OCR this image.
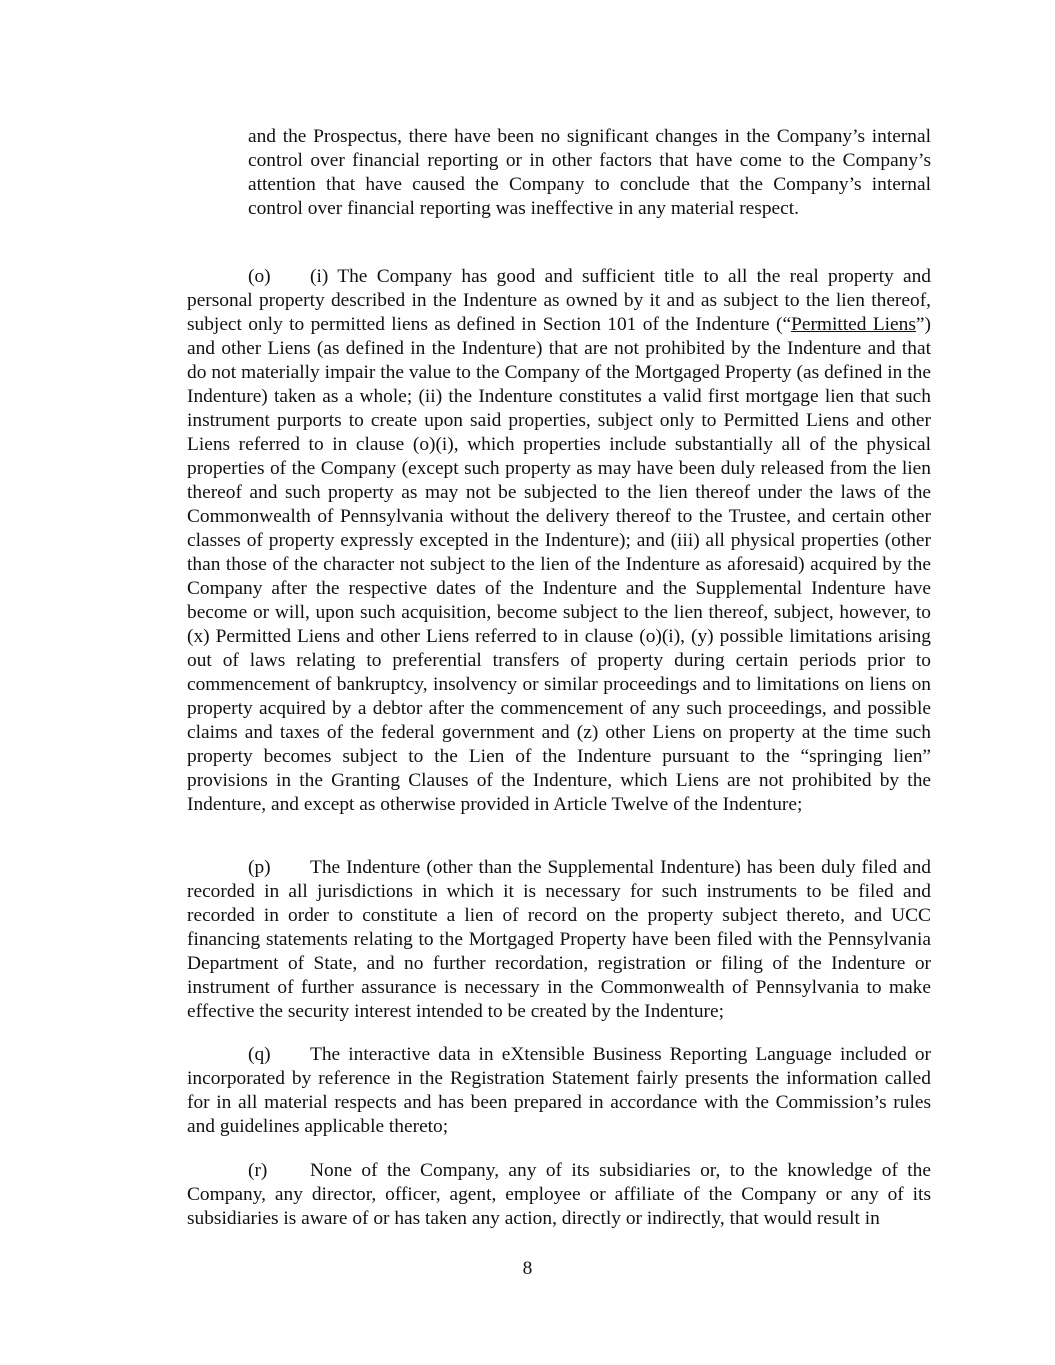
and the Prospectus, there have been no significant changes in the Company’s internal control over financial reporting or in other factors that have come to the Company’s attention that have caused the Company to conclude that the Company’s internal control over financial reporting was ineffective in any material respect.

(o) (i) The Company has good and sufficient title to all the real property and personal property described in the Indenture as owned by it and as subject to the lien thereof, subject only to permitted liens as defined in Section 101 of the Indenture (“Permitted Liens”) and other Liens (as defined in the Indenture) that are not prohibited by the Indenture and that do not materially impair the value to the Company of the Mortgaged Property (as defined in the Indenture) taken as a whole; (ii) the Indenture constitutes a valid first mortgage lien that such instrument purports to create upon said properties, subject only to Permitted Liens and other Liens referred to in clause (o)(i), which properties include substantially all of the physical properties of the Company (except such property as may have been duly released from the lien thereof and such property as may not be subjected to the lien thereof under the laws of the Commonwealth of Pennsylvania without the delivery thereof to the Trustee, and certain other classes of property expressly excepted in the Indenture); and (iii) all physical properties (other than those of the character not subject to the lien of the Indenture as aforesaid) acquired by the Company after the respective dates of the Indenture and the Supplemental Indenture have become or will, upon such acquisition, become subject to the lien thereof, subject, however, to (x) Permitted Liens and other Liens referred to in clause (o)(i), (y) possible limitations arising out of laws relating to preferential transfers of property during certain periods prior to commencement of bankruptcy, insolvency or similar proceedings and to limitations on liens on property acquired by a debtor after the commencement of any such proceedings, and possible claims and taxes of the federal government and (z) other Liens on property at the time such property becomes subject to the Lien of the Indenture pursuant to the “springing lien” provisions in the Granting Clauses of the Indenture, which Liens are not prohibited by the Indenture, and except as otherwise provided in Article Twelve of the Indenture;

(p) The Indenture (other than the Supplemental Indenture) has been duly filed and recorded in all jurisdictions in which it is necessary for such instruments to be filed and recorded in order to constitute a lien of record on the property subject thereto, and UCC financing statements relating to the Mortgaged Property have been filed with the Pennsylvania Department of State, and no further recordation, registration or filing of the Indenture or instrument of further assurance is necessary in the Commonwealth of Pennsylvania to make effective the security interest intended to be created by the Indenture;

(q) The interactive data in eXtensible Business Reporting Language included or incorporated by reference in the Registration Statement fairly presents the information called for in all material respects and has been prepared in accordance with the Commission’s rules and guidelines applicable thereto;

(r) None of the Company, any of its subsidiaries or, to the knowledge of the Company, any director, officer, agent, employee or affiliate of the Company or any of its subsidiaries is aware of or has taken any action, directly or indirectly, that would result in

8
